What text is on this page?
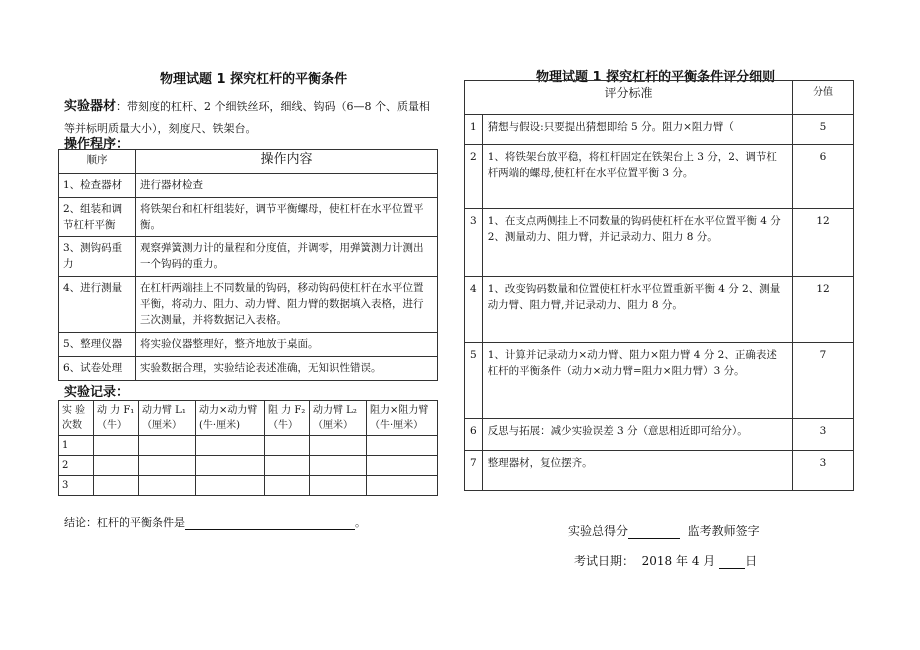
物理试题 1 探究杠杆的平衡条件
实验器材：带刻度的杠杆、2 个细铁丝环，细线、钩码（6—8 个、质量相等并标明质量大小），刻度尺、铁架台。
操作程序：
顺序	操作内容
1、检查器材	进行器材检查
2、组装和调节杠杆平衡	将铁架台和杠杆组装好，调节平衡螺母，使杠杆在水平位置平衡。
3、测钩码重力	观察弹簧测力计的量程和分度值，并调零，用弹簧测力计测出一个钩码的重力。
4、进行测量	在杠杆两端挂上不同数量的钩码，移动钩码使杠杆在水平位置平衡，将动力、阻力、动力臂、阻力臂的数据填入表格，进行三次测量，并将数据记入表格。
5、整理仪器	将实验仪器整理好，整齐地放于桌面。
6、试卷处理	实验数据合理，实验结论表述准确，无知识性错误。
实验记录：
实 验 次数	动 力 F₁（牛）	动力臂 L₁（厘米）	动力×动力臂(牛·厘米)	阻 力 F₂（牛）	动力臂 L₂（厘米）	阻力×阻力臂（牛·厘米）
1						
2						
3						
结论：杠杆的平衡条件是	。
物理试题 1 探究杠杆的平衡条件评分细则
评分标准		分值
1	猜想与假设:只要提出猜想即给 5 分。阻力×阻力臂（	5
2	1、将铁架台放平稳，将杠杆固定在铁架台上 3 分，2、调节杠杆两端的螺母,使杠杆在水平位置平衡 3 分。	6
3	1、在支点两侧挂上不同数量的钩码使杠杆在水平位置平衡 4 分 2、测量动力、阻力臂，并记录动力、阻力 8 分。	12
4	1、改变钩码数量和位置使杠杆水平位置重新平衡 4 分 2、测量动力臂、阻力臂,并记录动力、阻力 8 分。	12
5	1、计算并记录动力×动力臂、阻力×阻力臂 4 分 2、正确表述杠杆的平衡条件（动力×动力臂=阻力×阻力臂）3 分。	7
6	反思与拓展：减少实验误差 3 分（意思相近即可给分）。	3
7	整理器材，复位摆齐。	3
实验总得分	监考教师签字
考试日期： 2018 年 4 月 日
